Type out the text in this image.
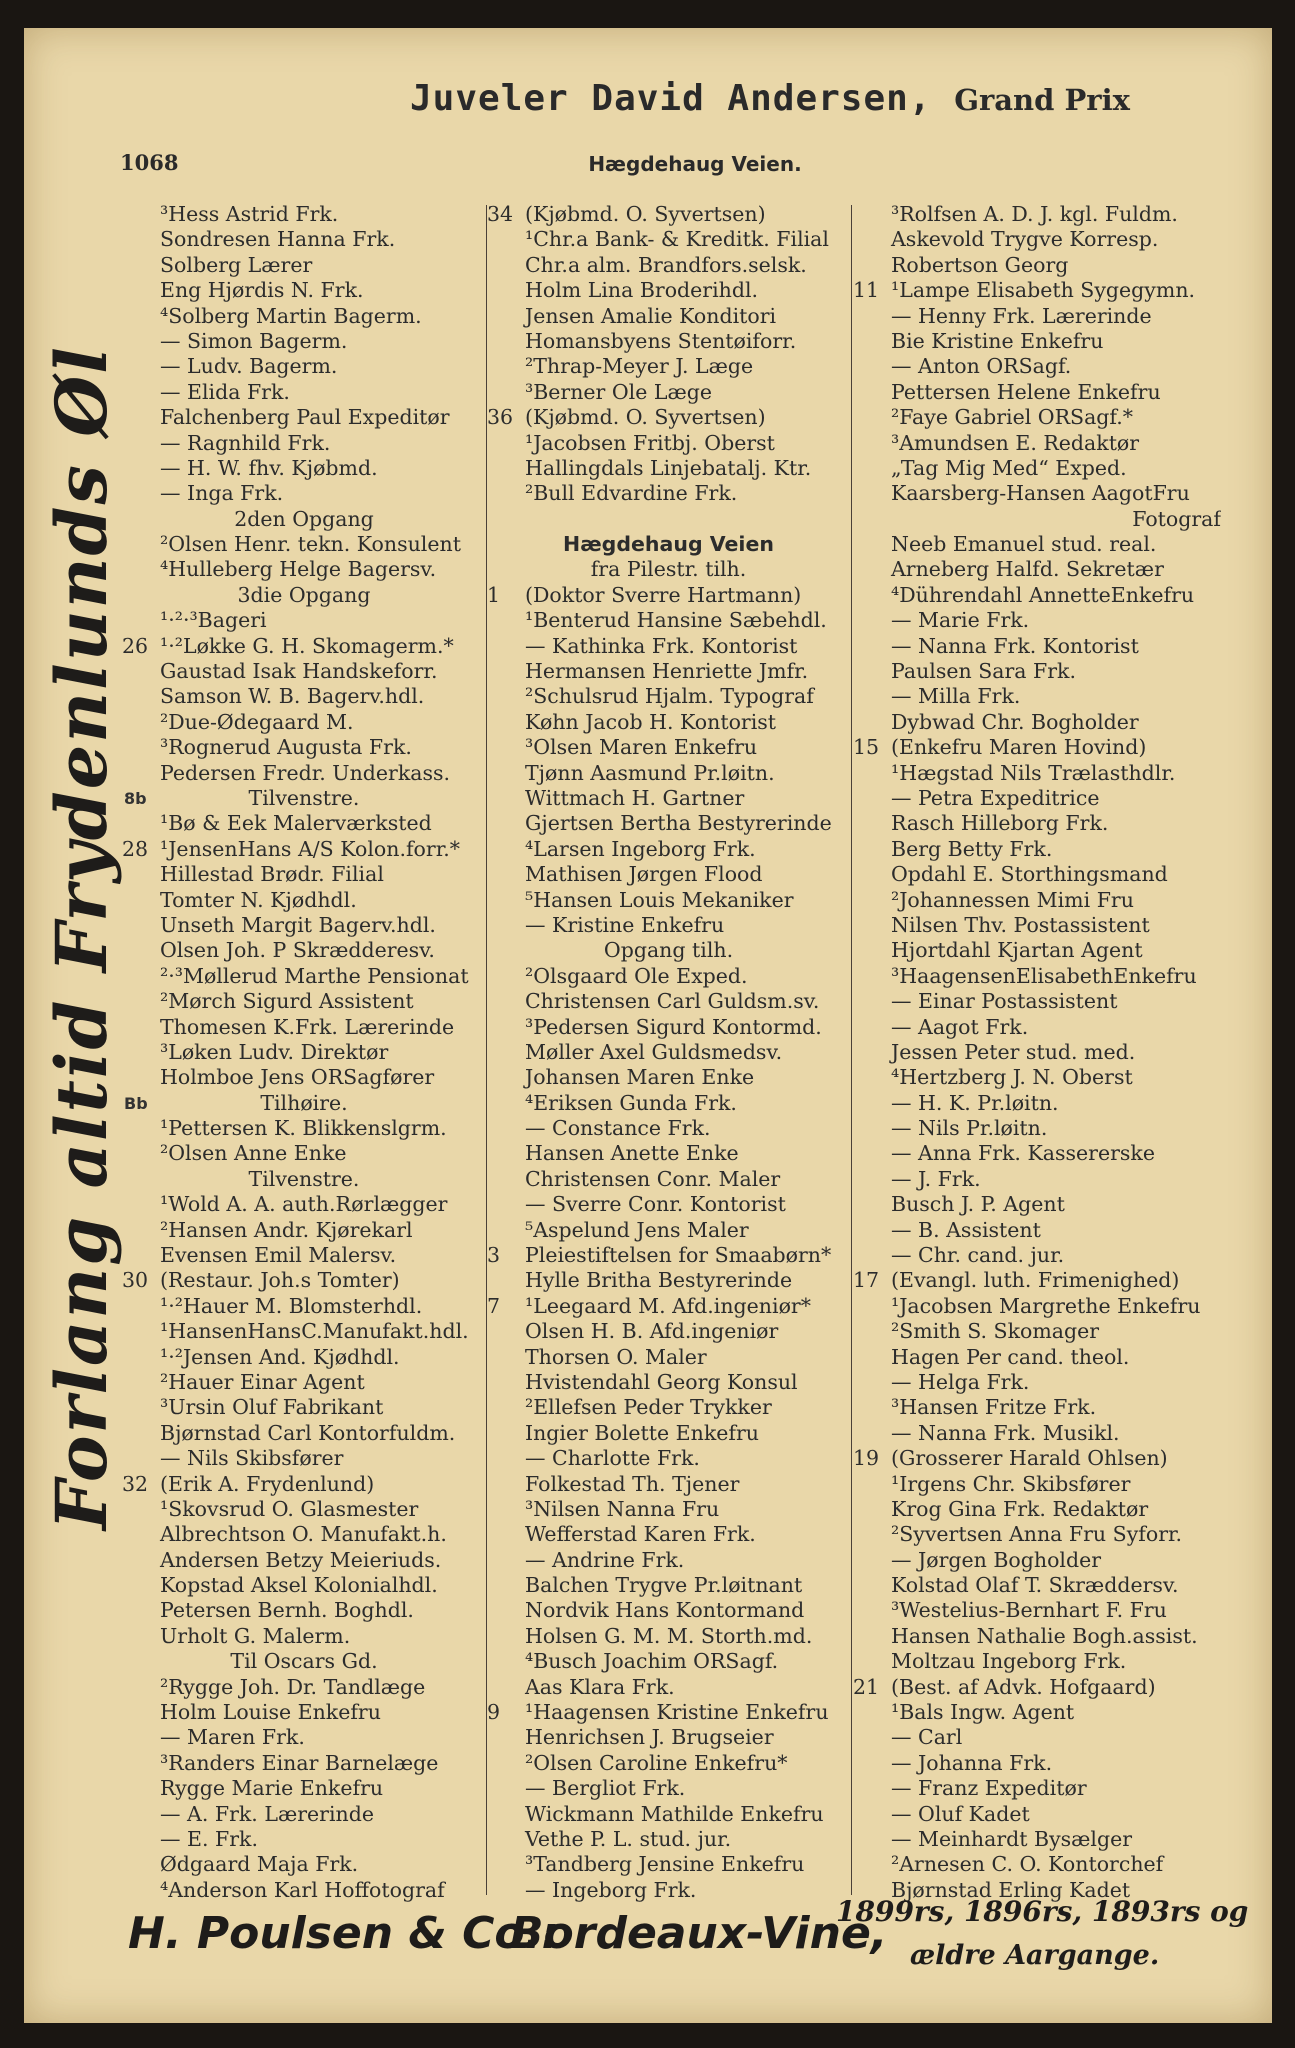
Juveler David Andersen, Grand Prix
1068	Hægdehaug Veien.
Forlang altid Frydenlunds Øl 8b
Bb
³Hess Astrid Frk.
Sondresen Hanna Frk.
Solberg Lærer
Eng Hjørdis N. Frk.
⁴Solberg Martin Bagerm.
— Simon Bagerm.
— Ludv. Bagerm.
— Elida Frk.
Falchenberg Paul Expeditør
— Ragnhild Frk.
— H. W. fhv. Kjøbmd.
— Inga Frk.
2den Opgang
²Olsen Henr. tekn. Konsulent
⁴Hulleberg Helge Bagersv.
3die Opgang
¹·²·³Bageri
26 ¹·²Løkke G. H. Skomagerm.*
Gaustad Isak Handskeforr.
Samson W. B. Bagerv.hdl.
²Due-Ødegaard M.
³Rognerud Augusta Frk.
Pedersen Fredr. Underkass.
Tilvenstre.
¹Bø & Eek Malerværksted
28 ¹JensenHans A/S Kolon.forr.*
Hillestad Brødr. Filial
Tomter N. Kjødhdl.
Unseth Margit Bagerv.hdl.
Olsen Joh. P Skrædderesv.
²·³Møllerud Marthe Pensionat
²Mørch Sigurd Assistent
Thomesen K.Frk. Lærerinde
³Løken Ludv. Direktør
Holmboe Jens ORSagfører
Tilhøire.
¹Pettersen K. Blikkenslgrm.
²Olsen Anne Enke
Tilvenstre.
¹Wold A. A. auth.Rørlægger
²Hansen Andr. Kjørekarl
Evensen Emil Malersv.
30 (Restaur. Joh.s Tomter)
¹·²Hauer M. Blomsterhdl.
¹HansenHansC.Manufakt.hdl.
¹·²Jensen And. Kjødhdl.
²Hauer Einar Agent
³Ursin Oluf Fabrikant
Bjørnstad Carl Kontorfuldm.
— Nils Skibsfører
32 (Erik A. Frydenlund)
¹Skovsrud O. Glasmester
Albrechtson O. Manufakt.h.
Andersen Betzy Meieriuds.
Kopstad Aksel Kolonialhdl.
Petersen Bernh. Boghdl.
Urholt G. Malerm.
Til Oscars Gd.
²Rygge Joh. Dr. Tandlæge
Holm Louise Enkefru
— Maren Frk.
³Randers Einar Barnelæge
Rygge Marie Enkefru
— A. Frk. Lærerinde
— E. Frk.
Ødgaard Maja Frk.
⁴Anderson Karl Hoffotograf
34 (Kjøbmd. O. Syvertsen)
¹Chr.a Bank- & Kreditk. Filial
Chr.a alm. Brandfors.selsk.
Holm Lina Broderihdl.
Jensen Amalie Konditori
Homansbyens Stentøiforr.
²Thrap-Meyer J. Læge
³Berner Ole Læge
36 (Kjøbmd. O. Syvertsen)
¹Jacobsen Fritbj. Oberst
Hallingdals Linjebatalj. Ktr.
²Bull Edvardine Frk.
Hægdehaug Veien
fra Pilestr. tilh.
1 (Doktor Sverre Hartmann)
¹Benterud Hansine Sæbehdl.
— Kathinka Frk. Kontorist
Hermansen Henriette Jmfr.
²Schulsrud Hjalm. Typograf
Køhn Jacob H. Kontorist
³Olsen Maren Enkefru
Tjønn Aasmund Pr.løitn.
Wittmach H. Gartner
Gjertsen Bertha Bestyrerinde
⁴Larsen Ingeborg Frk.
Mathisen Jørgen Flood
⁵Hansen Louis Mekaniker
— Kristine Enkefru
Opgang tilh.
²Olsgaard Ole Exped.
Christensen Carl Guldsm.sv.
³Pedersen Sigurd Kontormd.
Møller Axel Guldsmedsv.
Johansen Maren Enke
⁴Eriksen Gunda Frk.
— Constance Frk.
Hansen Anette Enke
Christensen Conr. Maler
— Sverre Conr. Kontorist
⁵Aspelund Jens Maler
3 Pleiestiftelsen for Smaabørn*
Hylle Britha Bestyrerinde
7 ¹Leegaard M. Afd.ingeniør*
Olsen H. B. Afd.ingeniør
Thorsen O. Maler
Hvistendahl Georg Konsul
²Ellefsen Peder Trykker
Ingier Bolette Enkefru
— Charlotte Frk.
Folkestad Th. Tjener
³Nilsen Nanna Fru
Wefferstad Karen Frk.
— Andrine Frk.
Balchen Trygve Pr.løitnant
Nordvik Hans Kontormand
Holsen G. M. M. Storth.md.
⁴Busch Joachim ORSagf.
Aas Klara Frk.
9 ¹Haagensen Kristine Enkefru
Henrichsen J. Brugseier
²Olsen Caroline Enkefru*
— Bergliot Frk.
Wickmann Mathilde Enkefru
Vethe P. L. stud. jur.
³Tandberg Jensine Enkefru
— Ingeborg Frk.
³Rolfsen A. D. J. kgl. Fuldm.
Askevold Trygve Korresp.
Robertson Georg
11 ¹Lampe Elisabeth Sygegymn.
— Henny Frk. Lærerinde
Bie Kristine Enkefru
— Anton ORSagf.
Pettersen Helene Enkefru
²Faye Gabriel ORSagf.*
³Amundsen E. Redaktør
„Tag Mig Med“ Exped.
Kaarsberg-Hansen AagotFru
Fotograf
Neeb Emanuel stud. real.
Arneberg Halfd. Sekretær
⁴Dührendahl AnnetteEnkefru
— Marie Frk.
— Nanna Frk. Kontorist
Paulsen Sara Frk.
— Milla Frk.
Dybwad Chr. Bogholder
15 (Enkefru Maren Hovind)
¹Hægstad Nils Trælasthdlr.
— Petra Expeditrice
Rasch Hilleborg Frk.
Berg Betty Frk.
Opdahl E. Storthingsmand
²Johannessen Mimi Fru
Nilsen Thv. Postassistent
Hjortdahl Kjartan Agent
³HaagensenElisabethEnkefru
— Einar Postassistent
— Aagot Frk.
Jessen Peter stud. med.
⁴Hertzberg J. N. Oberst
— H. K. Pr.løitn.
— Nils Pr.løitn.
— Anna Frk. Kassererske
— J. Frk.
Busch J. P. Agent
— B. Assistent
— Chr. cand. jur.
17 (Evangl. luth. Frimenighed)
¹Jacobsen Margrethe Enkefru
²Smith S. Skomager
Hagen Per cand. theol.
— Helga Frk.
³Hansen Fritze Frk.
— Nanna Frk. Musikl.
19 (Grosserer Harald Ohlsen)
¹Irgens Chr. Skibsfører
Krog Gina Frk. Redaktør
²Syvertsen Anna Fru Syforr.
— Jørgen Bogholder
Kolstad Olaf T. Skræddersv.
³Westelius-Bernhart F. Fru
Hansen Nathalie Bogh.assist.
Moltzau Ingeborg Frk.
21 (Best. af Advk. Hofgaard)
¹Bals Ingw. Agent
— Carl
— Johanna Frk.
— Franz Expeditør
— Oluf Kadet
— Meinhardt Bysælger
²Arnesen C. O. Kontorchef
Bjørnstad Erling Kadet
H. Poulsen & Co.:
Bordeaux-Vine,
1899rs, 1896rs, 1893rs og
ældre Aargange.
